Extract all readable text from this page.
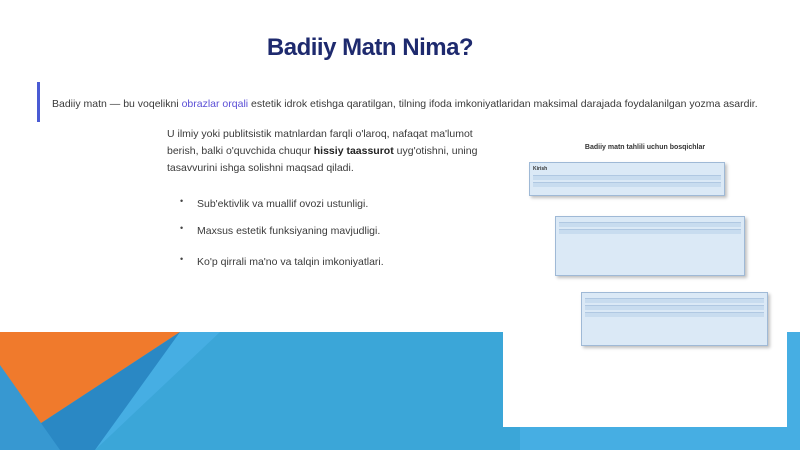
Badiiy Matn Nima?
Badiiy matn — bu voqelikni obrazlar orqali estetik idrok etishga qaratilgan, tilning ifoda imkoniyatlaridan maksimal darajada foydalanilgan yozma asardir.
U ilmiy yoki publitsistik matnlardan farqli o'laroq, nafaqat ma'lumot berish, balki o'quvchida chuqur hissiy taassurot uyg'otishni, uning tasavvurini ishga solishni maqsad qiladi.
• Sub'ektivlik va muallif ovozi ustunligi.
• Maxsus estetik funksiyaning mavjudligi.
• Ko'p qirrali ma'no va talqin imkoniyatlari.
Badiiy matn tahlili uchun bosqichlar
Kirish
